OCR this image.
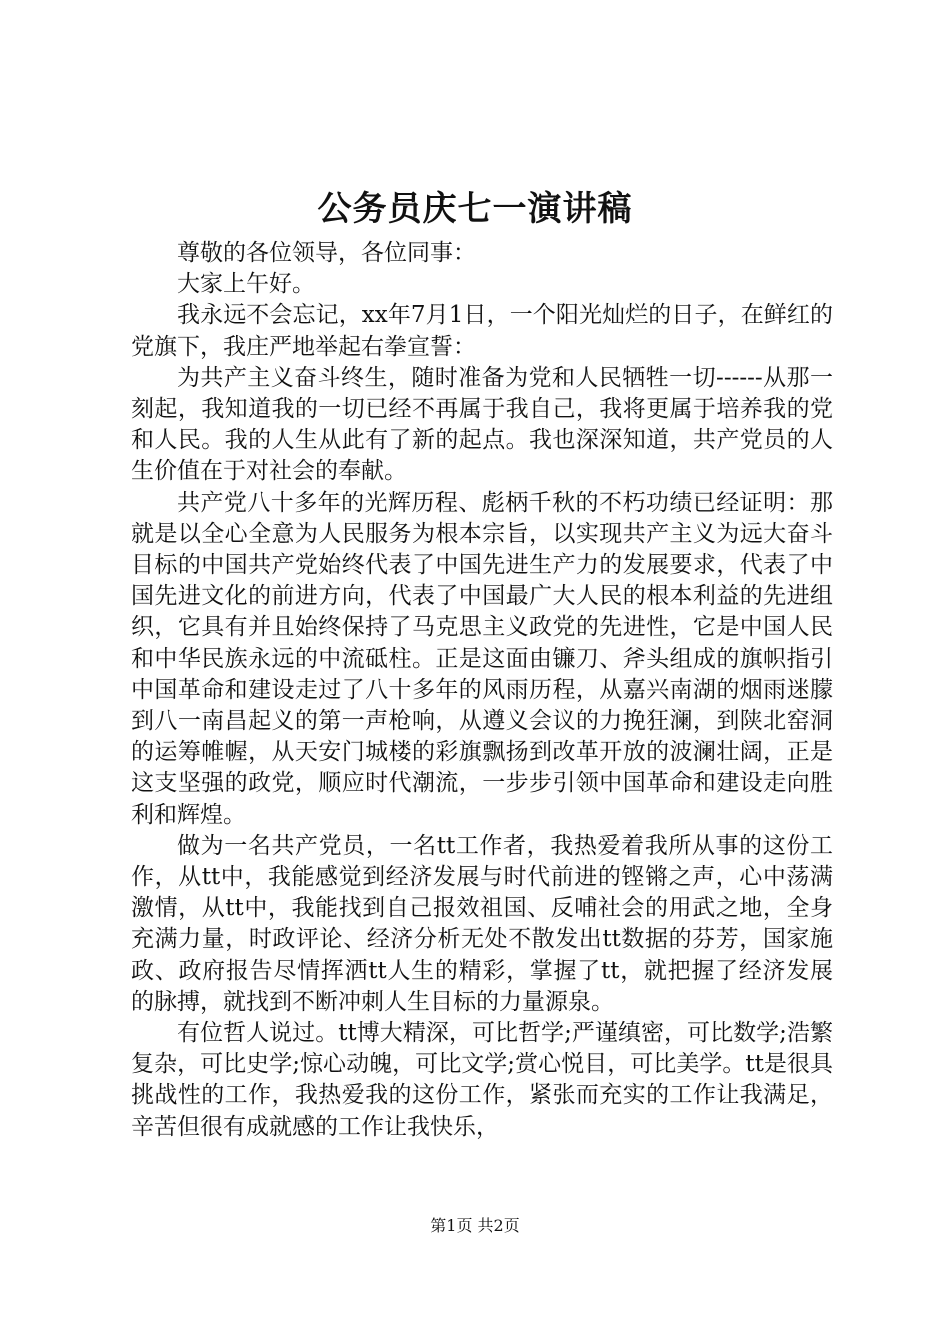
公务员庆七一演讲稿

尊敬的各位领导，各位同事：

大家上午好。

我永远不会忘记，xx年7月1日，一个阳光灿烂的日子，在鲜红的党旗下，我庄严地举起右拳宣誓：

为共产主义奋斗终生，随时准备为党和人民牺牲一切------从那一刻起，我知道我的一切已经不再属于我自己，我将更属于培养我的党和人民。我的人生从此有了新的起点。我也深深知道，共产党员的人生价值在于对社会的奉献。

共产党八十多年的光辉历程、彪柄千秋的不朽功绩已经证明：那就是以全心全意为人民服务为根本宗旨，以实现共产主义为远大奋斗目标的中国共产党始终代表了中国先进生产力的发展要求，代表了中国先进文化的前进方向，代表了中国最广大人民的根本利益的先进组织，它具有并且始终保持了马克思主义政党的先进性，它是中国人民和中华民族永远的中流砥柱。正是这面由镰刀、斧头组成的旗帜指引中国革命和建设走过了八十多年的风雨历程，从嘉兴南湖的烟雨迷朦到八一南昌起义的第一声枪响，从遵义会议的力挽狂澜，到陕北窑洞的运筹帷幄，从天安门城楼的彩旗飘扬到改革开放的波澜壮阔，正是这支坚强的政党，顺应时代潮流，一步步引领中国革命和建设走向胜利和辉煌。

做为一名共产党员，一名tt工作者，我热爱着我所从事的这份工作，从tt中，我能感觉到经济发展与时代前进的铿锵之声，心中荡满激情，从tt中，我能找到自己报效祖国、反哺社会的用武之地，全身充满力量，时政评论、经济分析无处不散发出tt数据的芬芳，国家施政、政府报告尽情挥洒tt人生的精彩，掌握了tt，就把握了经济发展的脉搏，就找到不断冲刺人生目标的力量源泉。

有位哲人说过。tt博大精深，可比哲学;严谨缜密，可比数学;浩繁复杂，可比史学;惊心动魄，可比文学;赏心悦目，可比美学。tt是很具挑战性的工作，我热爱我的这份工作，紧张而充实的工作让我满足，辛苦但很有成就感的工作让我快乐，

第1页 共2页
